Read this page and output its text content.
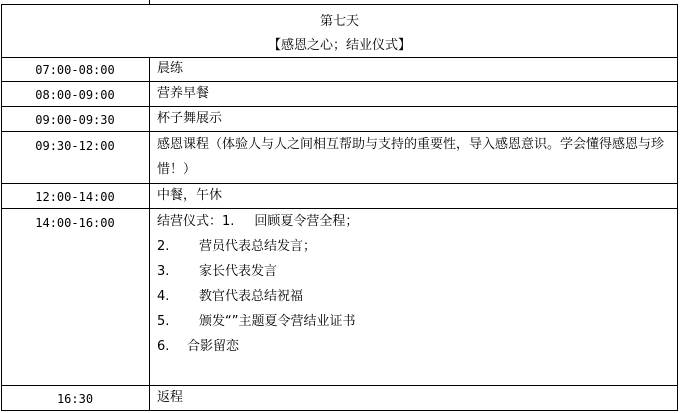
第七天
【感恩之心；结业仪式】
07:00-08:00	晨练
08:00-09:00	营养早餐
09:00-09:30	杯子舞展示
09:30-12:00	感恩课程（体验人与人之间相互帮助与支持的重要性，导入感恩意识。学会懂得感恩与珍惜！）
12:00-14:00	中餐，午休
14:00-16:00	结营仪式：1. 回顾夏令营全程；
2. 营员代表总结发言；
3. 家长代表发言
4. 教官代表总结祝福
5. 颁发“”主题夏令营结业证书
6. 合影留恋
16:30	返程
